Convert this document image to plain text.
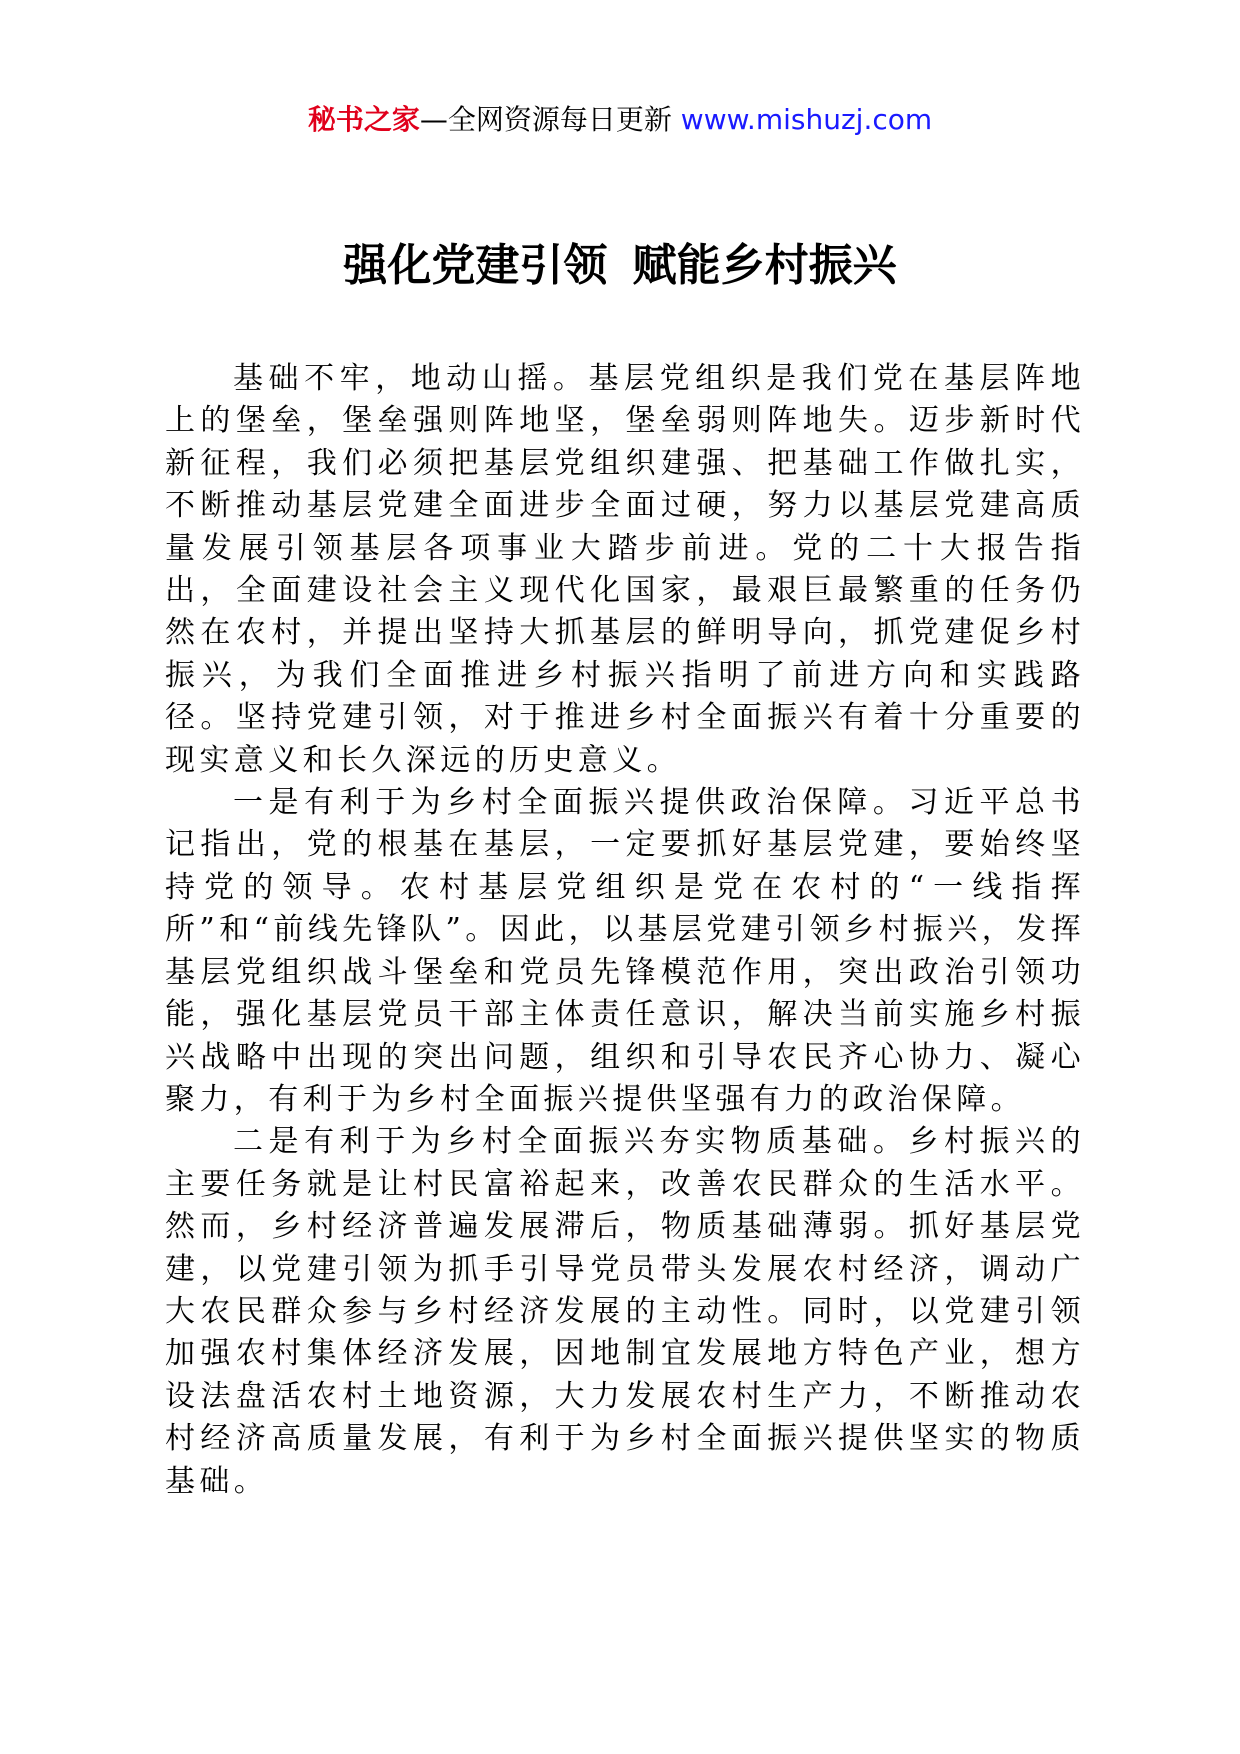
秘书之家—全网资源每日更新 www.mishuzj.com
强化党建引领 赋能乡村振兴

基础不牢，地动山摇。基层党组织是我们党在基层阵地上的堡垒，堡垒强则阵地坚，堡垒弱则阵地失。迈步新时代新征程，我们必须把基层党组织建强、把基础工作做扎实，不断推动基层党建全面进步全面过硬，努力以基层党建高质量发展引领基层各项事业大踏步前进。党的二十大报告指出，全面建设社会主义现代化国家，最艰巨最繁重的任务仍然在农村，并提出坚持大抓基层的鲜明导向，抓党建促乡村振兴，为我们全面推进乡村振兴指明了前进方向和实践路径。坚持党建引领，对于推进乡村全面振兴有着十分重要的现实意义和长久深远的历史意义。

一是有利于为乡村全面振兴提供政治保障。习近平总书记指出，党的根基在基层，一定要抓好基层党建，要始终坚持党的领导。农村基层党组织是党在农村的“一线指挥所”和“前线先锋队”。因此，以基层党建引领乡村振兴，发挥基层党组织战斗堡垒和党员先锋模范作用，突出政治引领功能，强化基层党员干部主体责任意识，解决当前实施乡村振兴战略中出现的突出问题，组织和引导农民齐心协力、凝心聚力，有利于为乡村全面振兴提供坚强有力的政治保障。

二是有利于为乡村全面振兴夯实物质基础。乡村振兴的主要任务就是让村民富裕起来，改善农民群众的生活水平。然而，乡村经济普遍发展滞后，物质基础薄弱。抓好基层党建，以党建引领为抓手引导党员带头发展农村经济，调动广大农民群众参与乡村经济发展的主动性。同时，以党建引领加强农村集体经济发展，因地制宜发展地方特色产业，想方设法盘活农村土地资源，大力发展农村生产力，不断推动农村经济高质量发展，有利于为乡村全面振兴提供坚实的物质基础。
